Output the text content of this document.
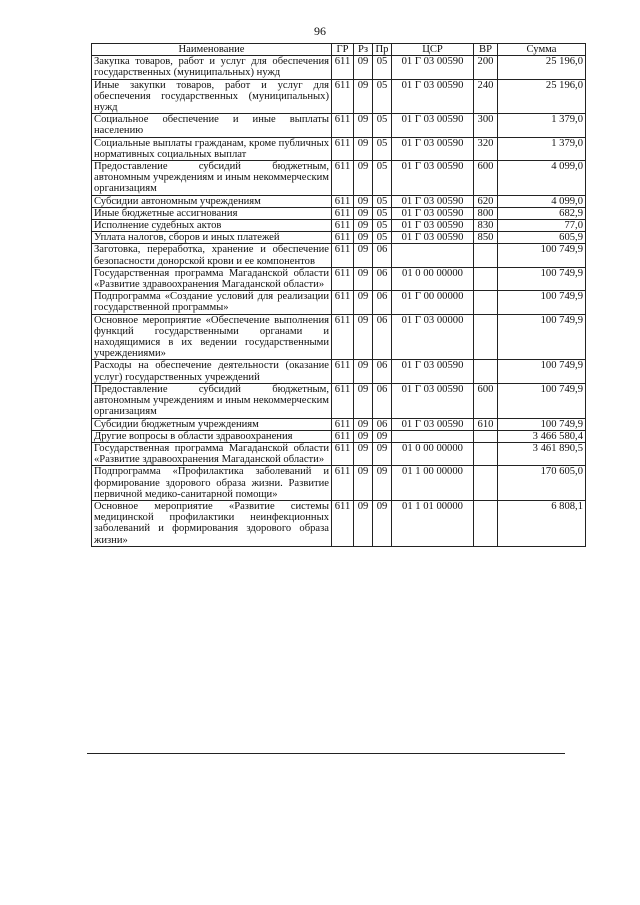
96
Наименование	ГР	Рз	Пр	ЦСР	ВР	Сумма
Закупка товаров, работ и услуг для обеспечения государственных (муниципальных) нужд	611	09	05	01 Г 03 00590	200	25 196,0
Иные закупки товаров, работ и услуг для обеспечения государственных (муниципальных) нужд	611	09	05	01 Г 03 00590	240	25 196,0
Социальное обеспечение и иные выплаты населению	611	09	05	01 Г 03 00590	300	1 379,0
Социальные выплаты гражданам, кроме публичных нормативных социальных выплат	611	09	05	01 Г 03 00590	320	1 379,0
Предоставление субсидий бюджетным, автономным учреждениям и иным некоммерческим организациям	611	09	05	01 Г 03 00590	600	4 099,0
Субсидии автономным учреждениям	611	09	05	01 Г 03 00590	620	4 099,0
Иные бюджетные ассигнования	611	09	05	01 Г 03 00590	800	682,9
Исполнение судебных актов	611	09	05	01 Г 03 00590	830	77,0
Уплата налогов, сборов и иных платежей	611	09	05	01 Г 03 00590	850	605,9
Заготовка, переработка, хранение и обеспечение безопасности донорской крови и ее компонентов	611	09	06			100 749,9
Государственная программа Магаданской области «Развитие здравоохранения Магаданской области»	611	09	06	01 0 00 00000		100 749,9
Подпрограмма «Создание условий для реализации государственной программы»	611	09	06	01 Г 00 00000		100 749,9
Основное мероприятие «Обеспечение выполнения функций государственными органами и находящимися в их ведении государственными учреждениями»	611	09	06	01 Г 03 00000		100 749,9
Расходы на обеспечение деятельности (оказание услуг) государственных учреждений	611	09	06	01 Г 03 00590		100 749,9
Предоставление субсидий бюджетным, автономным учреждениям и иным некоммерческим организациям	611	09	06	01 Г 03 00590	600	100 749,9
Субсидии бюджетным учреждениям	611	09	06	01 Г 03 00590	610	100 749,9
Другие вопросы в области здравоохранения	611	09	09			3 466 580,4
Государственная программа Магаданской области «Развитие здравоохранения Магаданской области»	611	09	09	01 0 00 00000		3 461 890,5
Подпрограмма «Профилактика заболеваний и формирование здорового образа жизни. Развитие первичной медико-санитарной помощи»	611	09	09	01 1 00 00000		170 605,0
Основное мероприятие «Развитие системы медицинской профилактики неинфекционных заболеваний и формирования здорового образа жизни»	611	09	09	01 1 01 00000		6 808,1
